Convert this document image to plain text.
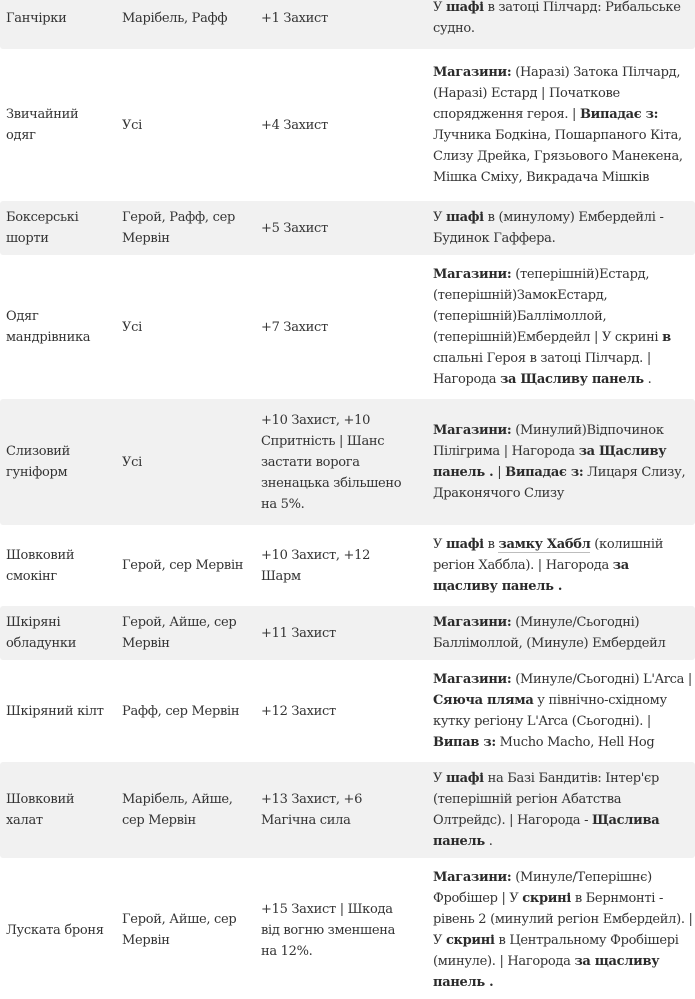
Ганчірки	Марібель, Рафф	+1 Захист	У шафі в затоці Пілчард: Рибальське судно.

Звичайний одяг	Усі	+4 Захист	Магазини: (Наразі) Затока Пілчард, (Наразі) Естард | Початкове спорядження героя. | Випадає з: Лучника Бодкіна, Пошарпаного Кіта, Слизу Дрейка, Грязьового Манекена, Мішка Сміху, Викрадача Мішків

Боксерські шорти	Герой, Рафф, сер Мервін	+5 Захист	У шафі в (минулому) Ембердейлі - Будинок Гаффера.

Одяг мандрівника	Усі	+7 Захист	Магазини: (теперішній)Естард, (теперішній)ЗамокЕстард, (теперішній)Баллімоллой, (теперішній)Ембердейл | У скрині в спальні Героя в затоці Пілчард. | Нагорода за Щасливу панель .

Слизовий гуніформ	Усі	+10 Захист, +10 Спритність | Шанс застати ворога зненацька збільшено на 5%.	Магазини: (Минулий)Відпочинок Пілігрима | Нагорода за Щасливу панель . | Випадає з: Лицаря Слизу, Драконячого Слизу

Шовковий смокінг	Герой, сер Мервін	+10 Захист, +12 Шарм	У шафі в замку Хаббл (колишній регіон Хаббла). | Нагорода за щасливу панель .

Шкіряні обладунки	Герой, Айше, сер Мервін	+11 Захист	Магазини: (Минуле/Сьогодні) Баллімоллой, (Минуле) Ембердейл

Шкіряний кілт	Рафф, сер Мервін	+12 Захист	Магазини: (Минуле/Сьогодні) L'Arca | Сяюча пляма у північно-східному кутку регіону L'Arca (Сьогодні). | Випав з: Mucho Macho, Hell Hog

Шовковий халат	Марібель, Айше, сер Мервін	+13 Захист, +6 Магічна сила	У шафі на Базі Бандитів: Інтер'єр (теперішній регіон Абатства Олтрейдс). | Нагорода - Щаслива панель .

Луската броня	Герой, Айше, сер Мервін	+15 Захист | Шкода від вогню зменшена на 12%.	Магазини: (Минуле/Теперішнє) Фробішер | У скрині в Бернмонті - рівень 2 (минулий регіон Ембердейл). | У скрині в Центральному Фробішері (минуле). | Нагорода за щасливу панель .
